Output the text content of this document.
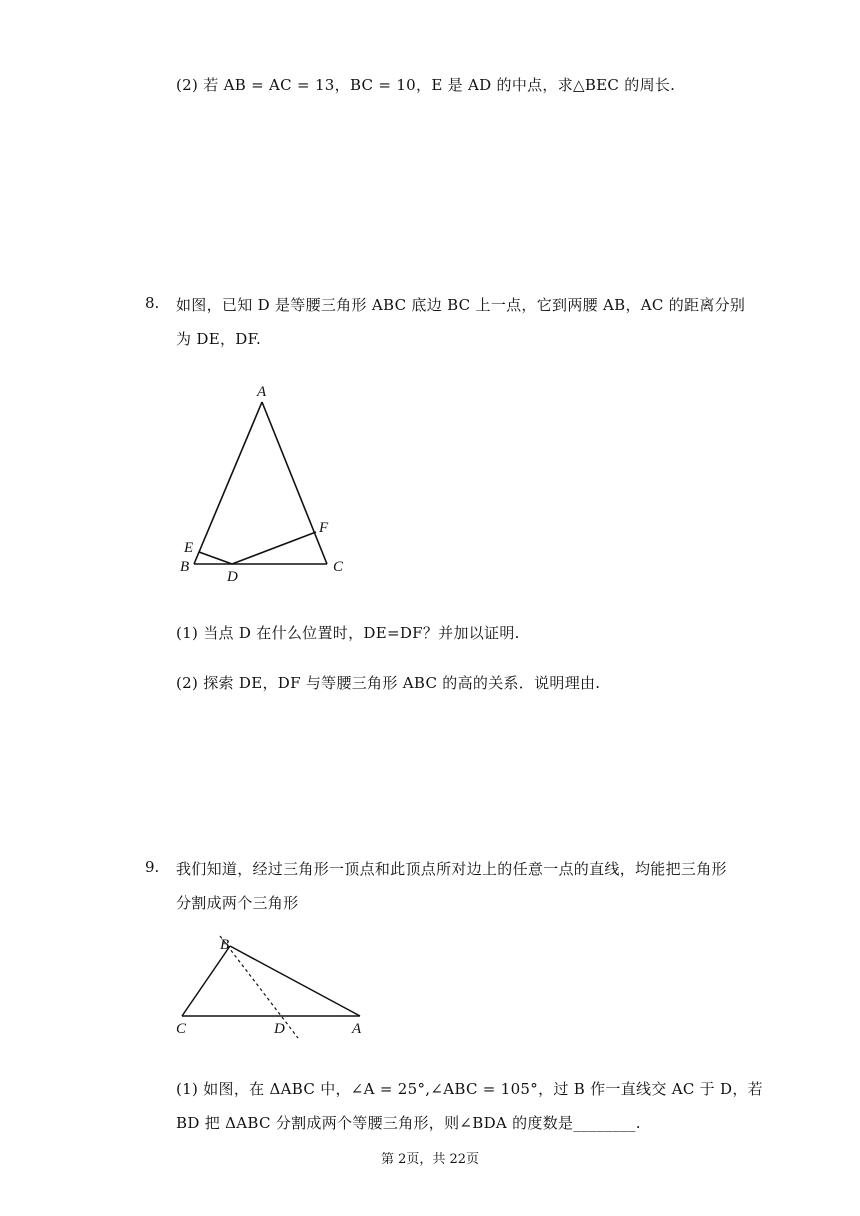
(2) 若 AB = AC = 13，BC = 10，E 是 AD 的中点，求△BEC 的周长.
8. 如图，已知 D 是等腰三角形 ABC 底边 BC 上一点，它到两腰 AB，AC 的距离分别
为 DE，DF.
A
E
B
D
F
C
(1) 当点 D 在什么位置时，DE=DF？并加以证明.
(2) 探索 DE，DF 与等腰三角形 ABC 的高的关系．说明理由.
9. 我们知道，经过三角形一顶点和此顶点所对边上的任意一点的直线，均能把三角形
分割成两个三角形
B
C	D	A
(1) 如图，在 ΔABC 中，∠A = 25°,∠ABC = 105°，过 B 作一直线交 AC 于 D，若
BD 把 ΔABC 分割成两个等腰三角形，则∠BDA 的度数是________.
第 2页，共 22页
